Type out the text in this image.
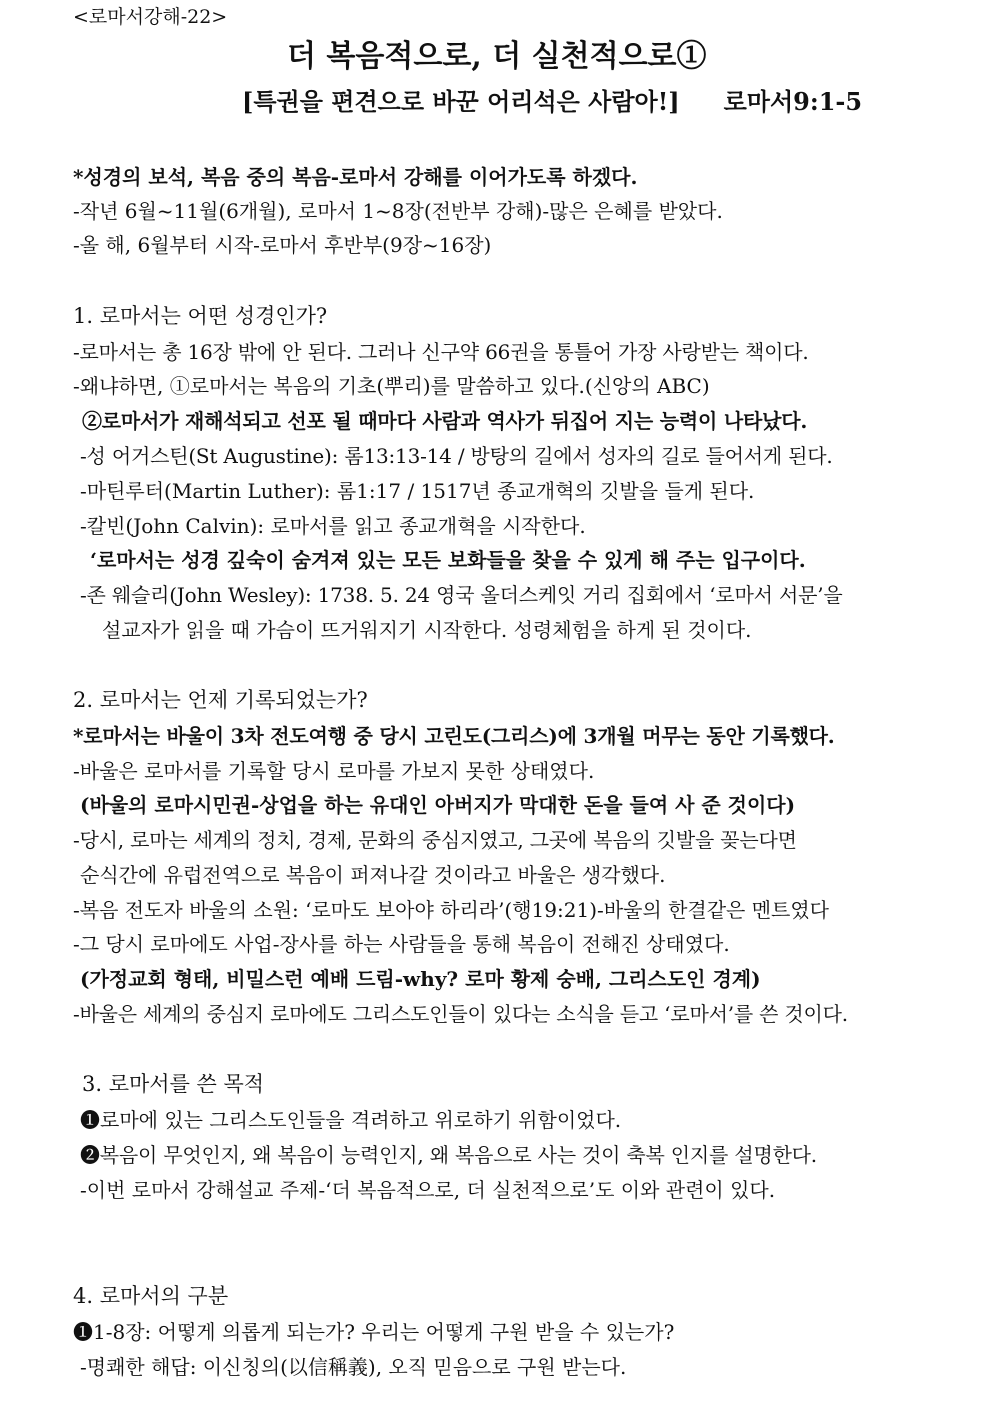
<로마서강해-22>
더 복음적으로, 더 실천적으로①
[특권을 편견으로 바꾼 어리석은 사람아!] 로마서9:1-5
*성경의 보석, 복음 중의 복음-로마서 강해를 이어가도록 하겠다.
-작년 6월~11월(6개월), 로마서 1~8장(전반부 강해)-많은 은혜를 받았다.
-올 해, 6월부터 시작-로마서 후반부(9장~16장)
1. 로마서는 어떤 성경인가?
-로마서는 총 16장 밖에 안 된다. 그러나 신구약 66권을 통틀어 가장 사랑받는 책이다.
-왜냐하면, ①로마서는 복음의 기초(뿌리)를 말씀하고 있다.(신앙의 ABC)
②로마서가 재해석되고 선포 될 때마다 사람과 역사가 뒤집어 지는 능력이 나타났다.
-성 어거스틴(St Augustine): 롬13:13-14 / 방탕의 길에서 성자의 길로 들어서게 된다.
-마틴루터(Martin Luther): 롬1:17 / 1517년 종교개혁의 깃발을 들게 된다.
-칼빈(John Calvin): 로마서를 읽고 종교개혁을 시작한다.
‘로마서는 성경 깊숙이 숨겨져 있는 모든 보화들을 찾을 수 있게 해 주는 입구이다.
-존 웨슬리(John Wesley): 1738. 5. 24 영국 올더스케잇 거리 집회에서 ‘로마서 서문’을
설교자가 읽을 때 가슴이 뜨거워지기 시작한다. 성령체험을 하게 된 것이다.
2. 로마서는 언제 기록되었는가?
*로마서는 바울이 3차 전도여행 중 당시 고린도(그리스)에 3개월 머무는 동안 기록했다.
-바울은 로마서를 기록할 당시 로마를 가보지 못한 상태였다.
(바울의 로마시민권-상업을 하는 유대인 아버지가 막대한 돈을 들여 사 준 것이다)
-당시, 로마는 세계의 정치, 경제, 문화의 중심지였고, 그곳에 복음의 깃발을 꽂는다면
순식간에 유럽전역으로 복음이 퍼져나갈 것이라고 바울은 생각했다.
-복음 전도자 바울의 소원: ‘로마도 보아야 하리라’(행19:21)-바울의 한결같은 멘트였다
-그 당시 로마에도 사업-장사를 하는 사람들을 통해 복음이 전해진 상태였다.
(가정교회 형태, 비밀스런 예배 드림-why? 로마 황제 숭배, 그리스도인 경계)
-바울은 세계의 중심지 로마에도 그리스도인들이 있다는 소식을 듣고 ‘로마서’를 쓴 것이다.
3. 로마서를 쓴 목적
❶로마에 있는 그리스도인들을 격려하고 위로하기 위함이었다.
❷복음이 무엇인지, 왜 복음이 능력인지, 왜 복음으로 사는 것이 축복 인지를 설명한다.
-이번 로마서 강해설교 주제-‘더 복음적으로, 더 실천적으로’도 이와 관련이 있다.
4. 로마서의 구분
❶1-8장: 어떻게 의롭게 되는가? 우리는 어떻게 구원 받을 수 있는가?
-명쾌한 해답: 이신칭의(以信稱義), 오직 믿음으로 구원 받는다.
